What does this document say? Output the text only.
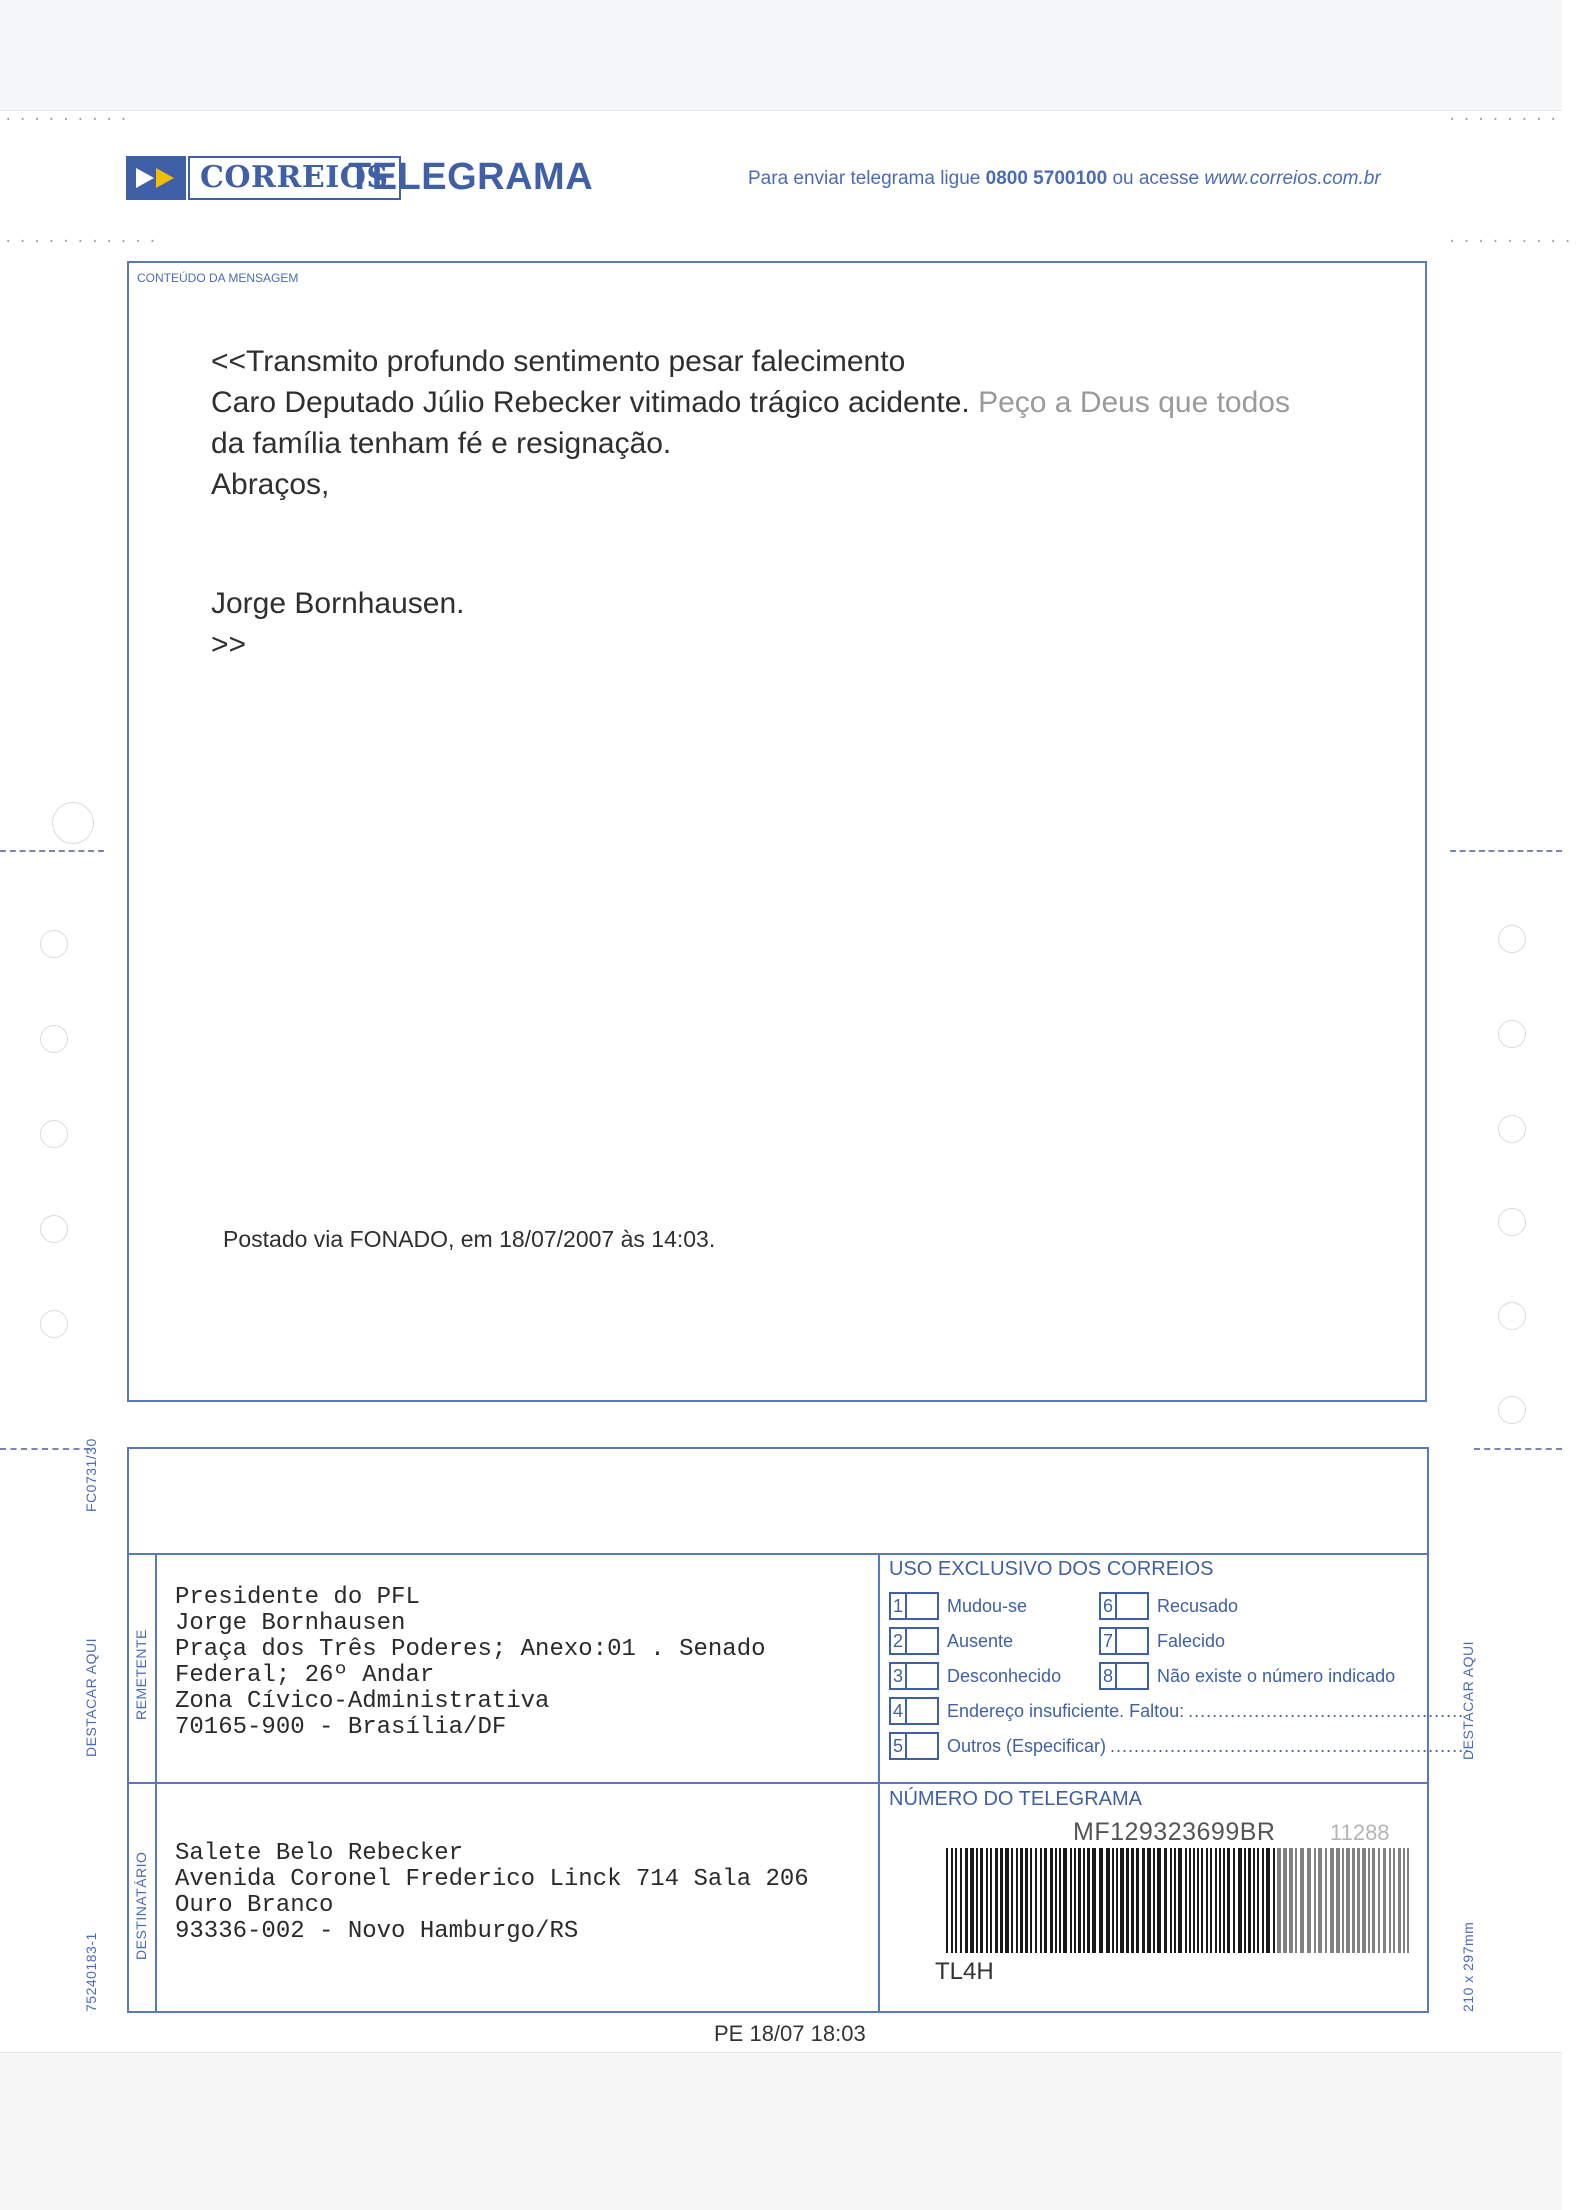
.........
...........
........
.........
CORREIOS
TELEGRAMA	Para enviar telegrama ligue 0800 5700100 ou acesse www.correios.com.br
CONTEÚDO DA MENSAGEM
<<Transmito profundo sentimento pesar falecimento
Caro Deputado Júlio Rebecker vitimado trágico acidente. Peço a Deus que todos
da família tenham fé e resignação.
Abraços,
Jorge Bornhausen.
>>
Postado via FONADO, em 18/07/2007 às 14:03.
FC0731/30
DESTACAR AQUI
75240183-1
DESTACAR AQUI
210 x 297mm
REMETENTE
DESTINATÁRIO
Presidente do PFL
Jorge Bornhausen
Praça dos Três Poderes; Anexo:01 . Senado
Federal; 26º Andar
Zona Cívico-Administrativa
70165-900 - Brasília/DF
Salete Belo Rebecker
Avenida Coronel Frederico Linck 714 Sala 206
Ouro Branco
93336-002 - Novo Hamburgo/RS
USO EXCLUSIVO DOS CORREIOS
1 Mudou-se
2 Ausente
3 Desconhecido
4 Endereço insuficiente. Faltou: ..............................................
5 Outros (Especificar) ............................................................
6 Recusado
7 Falecido
8 Não existe o número indicado
NÚMERO DO TELEGRAMA
MF129323699BR 11288
TL4H
PE 18/07 18:03
